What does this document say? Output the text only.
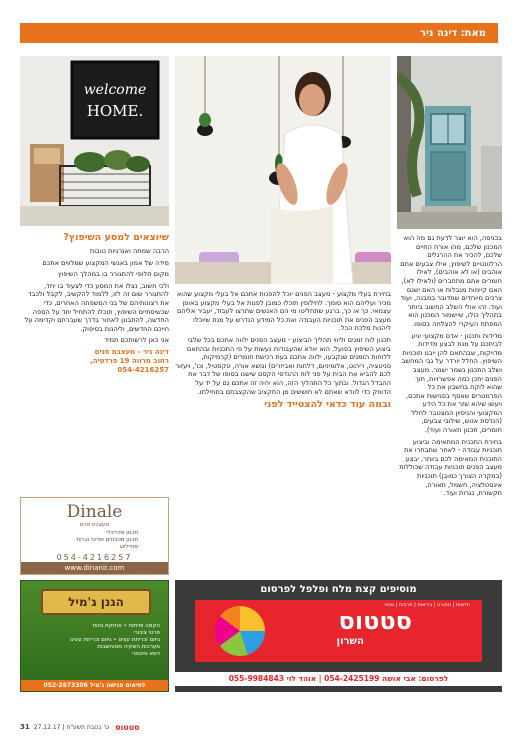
מאת: דינה ניר
welcome
HOME.

בכניסה, הוא יוצר לדעת גם מה הוא המכנון שלכם, מהו אורח החיים שלכם, להכיר את ההרגלים הרלוונטיים לשיפוץ, אילו צבעים אתם אוהבים (או לא אוהבים), לאילו חומרים אתם מתחברים (ולאילו לא), האם קיימות מגבלות או האם ישנם צרכים מיוחדים שמדובר במבנה, ועוד ועוד. זהו אולי השלב החשוב ביותר בתהליך כולו, שיישמור המכנון הוא המפתח העיקרי להצלחה בסופו.

מדידות ותכנון - אדם מקצועי יגיע לביתכם על מנת לבצע מדידות מדויקות, שבהתאם להן ייבנו תוכניות השיפוץ. החלל יורדר על גבי המחשב ושלב התכנון נשמר ישמר. מעצב הפנים יתכן כמה אפשרויות, תוך שהוא לוקח בחשבון את כל הפרמטרים שאסף בפגישות אתכם, ויעשו שיהא שזר את כל הידע המקצועי והניסיון המצטבר לחלל (הנדסת אנוש, שילובי צבעים, חומרים, תכנון תאורה ועוד).

בחירת התכנית המתאימה וביצוע תוכניות עבודה - לאחר שתבחרו את התוכנית המאימה לכם ביותר, יבצע מעצב הפנים תוכניות עבודה שכוללות (במקרה הצורך כמובן) תוכניות אינסטלציה, חשמל, תאורה, תקשורת, נגרות ועוד.

בחירת בעלי מקצוע - מעצב הפנים יוכל להפנות אתכם אל בעלי מקצוע שהוא מכיר ועליהם הוא סומך. לחילופין תוכלו כמובן לפנות אל בעלי מקצוע באופן עצמאי. כך או כך, ברגע שתחליטו מי הם האנשים שתרצו לעבוד, יעביר אליהם מעצב הפנים את תוכניות העבודה ואת כל המידע הנדרש על מנת שיוכלו ליהנות מלכת הכל.

תכנון לוח זמנים וליווי תהליך הביצוע - מעצב הפנים ילווה אתכם בכל שלבי ביצוע השיפוץ בפועל. הוא יוודא שהעבודות נעשות על פי התכניות ובהתאם ללוחות הזמנים שנקבעו, ילווה אתכם בעת רכישת חומרים (קרמיקות, סניטציה, ריהוט, אלומיניום, דלתות ואביזרים) ונושא אורה, טקסטיל, וכו', ויעזור לכם להביא את הבית על פני לוח ההנדסי הקסם שישנו בסופו של דבר את ההבדל הגדול. ובתוך כל התהליך הזה, הוא יהיה זה אתכם גם על יד על הדופק כדי לוודא שאתם לא חוששים מן התקציב שהקצבתם בתחילתו.

ובמה עוד כדאי להצטייד לפני
שיוצאים למסע השיפוץ?

הרבה שמחה ואנרגיות טובות

מידה של אמון באנשי המקצוע שמלווים אתכם

מקום חלופי להתגורר בו במהלך השיפוץ

ולכי חשוב, נצלו את המסע כדי לצעוד בו יחד, להתגורר שום זה לזו, ללמוד להקשיב, לקבל ולכבד את רצונותיהם של בני המשפחה האחרים, כדי שכשיסתיים השיפוץ, תוכלו להתחיל יחד על הספה החדשה, להתבונן לאחור בדרך שעברתם וקדימה על חייכם החדשים, וליהנות בסיפוק.

אני כאן לרשותכם תמיד

דינה ניר - מעצבת פנים
רחוב מרווה 19 פרדסיה,
054-4216257
Dinale
מעצבת פנים
תכנון אדריכלי
תכנון מטבחים ופרטי נגרות
סטיילינג
054-4216257
www.dinanir.com
הגנן ג'מיל
הקמה ופיתוח • אחזקת גינות
פרטי ציבורי
גיזום וכריתת עצים • גיזום וכריתת עצים
מערכות השקיה ממוחשבות
דשא סינטטי
לתיאום פגישה ג'מיל 052-2673306
מוסיפים קצת מלח ופלפל לפרסום
חדשות | ספורט | בריאות | תרבות | פנאי
סטטוס
השרון
לפרסום: אבי אושה 054-2425199 | אוהד לוי 055-9984843
31 27.12.17 | ט' בטבת תשע"ח סטטוס
